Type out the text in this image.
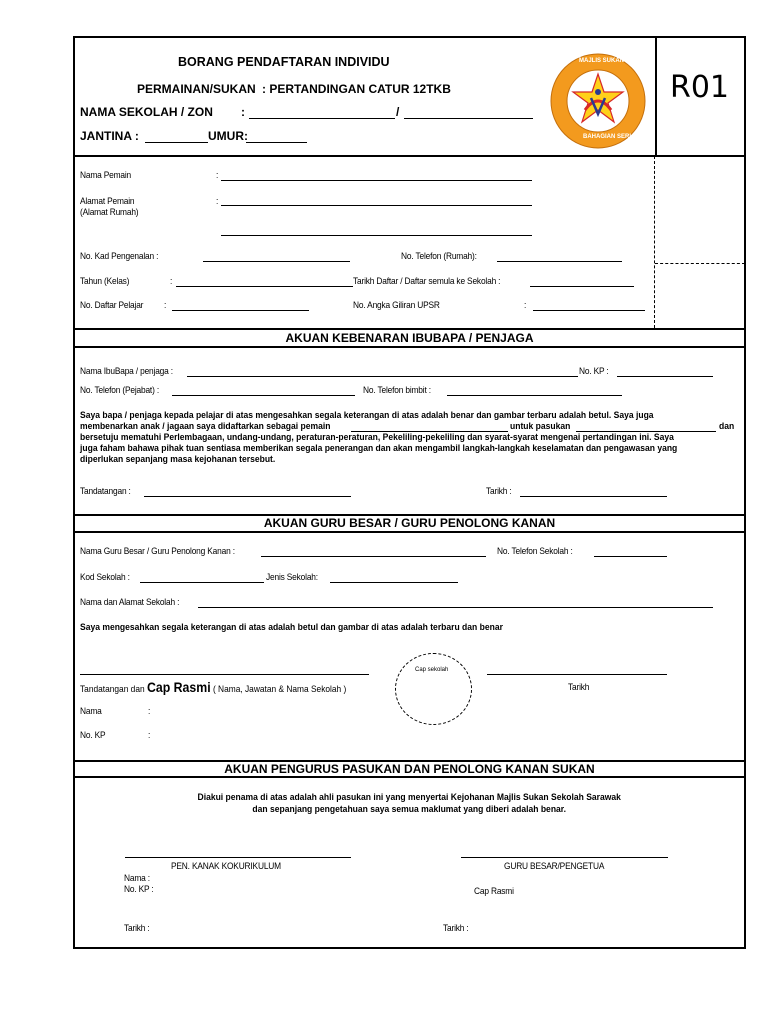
BORANG PENDAFTARAN INDIVIDU
PERMAINAN/SUKAN : PERTANDINGAN CATUR 12TKB
NAMA SEKOLAH / ZON :	/
JANTINA :	UMUR:
R01
MAJLIS SUKAN SEKOLAH
BAHAGIAN SERIAN
Nama Pemain	:
Alamat Pemain
(Alamat Rumah)
:
No. Kad Pengenalan :	No. Telefon (Rumah):
Tahun (Kelas)	:	Tarikh Daftar / Daftar semula ke Sekolah :
No. Daftar Pelajar :	No. Angka Giliran UPSR	:
AKUAN KEBENARAN IBUBAPA / PENJAGA
Nama IbuBapa / penjaga :	No. KP :
No. Telefon (Pejabat) :	No. Telefon bimbit :
Saya bapa / penjaga kepada pelajar di atas mengesahkan segala keterangan di atas adalah benar dan gambar terbaru adalah betul. Saya juga
membenarkan anak / jagaan saya didaftarkan sebagai pemain	untuk pasukan	dan
bersetuju mematuhi Perlembagaan, undang-undang, peraturan-peraturan, Pekeliling-pekeliling dan syarat-syarat mengenai pertandingan ini. Saya
juga faham bahawa pihak tuan sentiasa memberikan segala penerangan dan akan mengambil langkah-langkah keselamatan dan pengawasan yang
diperlukan sepanjang masa kejohanan tersebut.
Tandatangan :	Tarikh :
AKUAN GURU BESAR / GURU PENOLONG KANAN
Nama Guru Besar / Guru Penolong Kanan :	No. Telefon Sekolah :
Kod Sekolah :	Jenis Sekolah:
Nama dan Alamat Sekolah :
Saya mengesahkan segala keterangan di atas adalah betul dan gambar di atas adalah terbaru dan benar
Cap sekolah
Tandatangan dan Cap Rasmi ( Nama, Jawatan & Nama Sekolah )	Tarikh
Nama	:
No. KP	:
AKUAN PENGURUS PASUKAN DAN PENOLONG KANAN SUKAN
Diakui penama di atas adalah ahli pasukan ini yang menyertai Kejohanan Majlis Sukan Sekolah Sarawak
dan sepanjang pengetahuan saya semua maklumat yang diberi adalah benar.
PEN. KANAK KOKURIKULUM
Nama :
No. KP :
Tarikh :
GURU BESAR/PENGETUA
Cap Rasmi
Tarikh :
